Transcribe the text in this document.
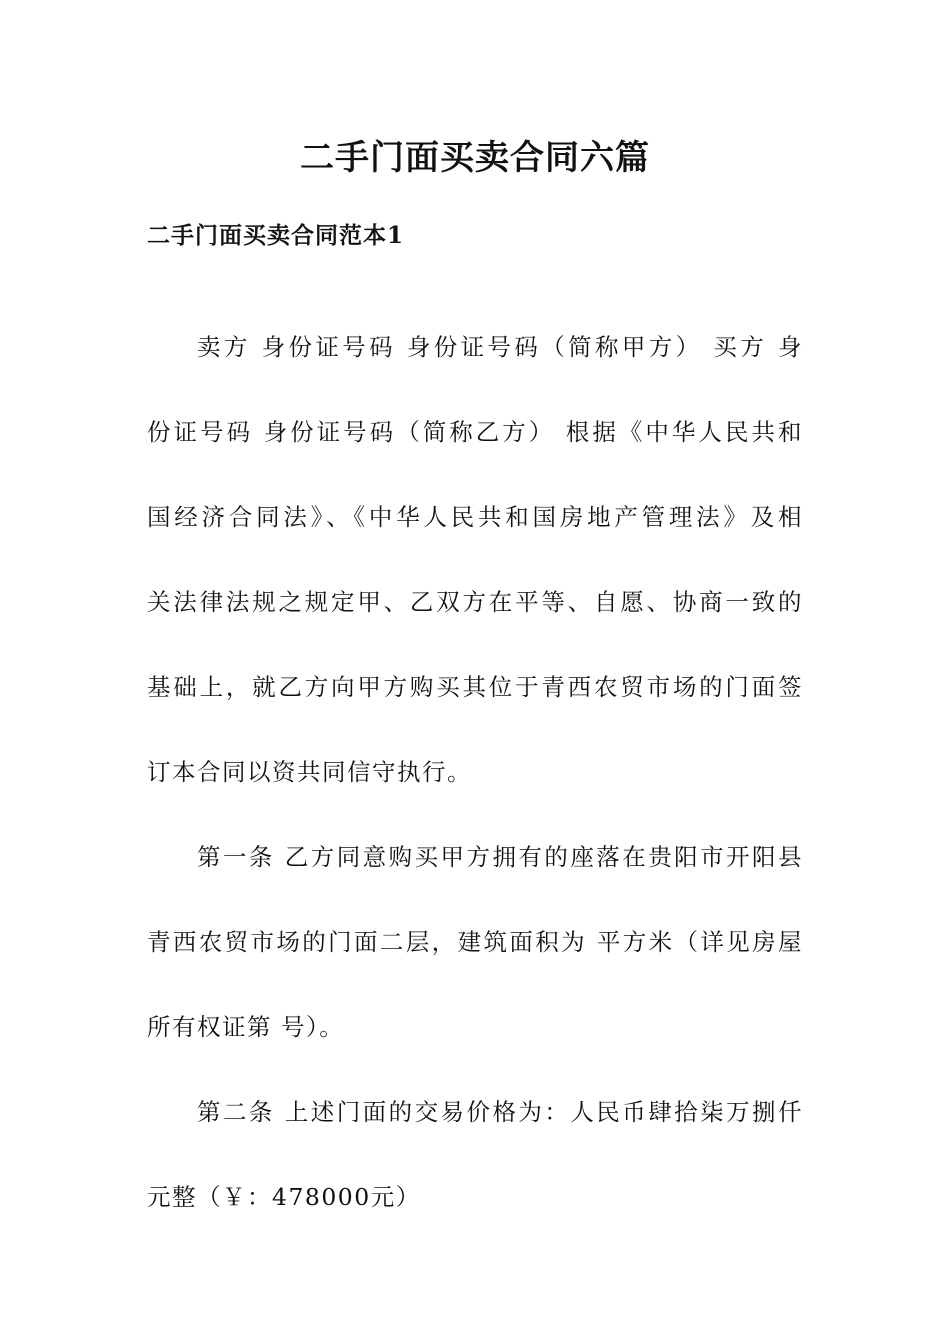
二手门面买卖合同六篇
二手门面买卖合同范本1
卖方 身份证号码 身份证号码（简称甲方） 买方 身
份证号码 身份证号码（简称乙方） 根据《中华人民共和
国经济合同法》、《中华人民共和国房地产管理法》及相
关法律法规之规定甲、乙双方在平等、自愿、协商一致的
基础上，就乙方向甲方购买其位于青西农贸市场的门面签
订本合同以资共同信守执行。
第一条 乙方同意购买甲方拥有的座落在贵阳市开阳县
青西农贸市场的门面二层，建筑面积为 平方米（详见房屋
所有权证第 号）。
第二条 上述门面的交易价格为：人民币肆拾柒万捌仟
元整（￥：478000元）
